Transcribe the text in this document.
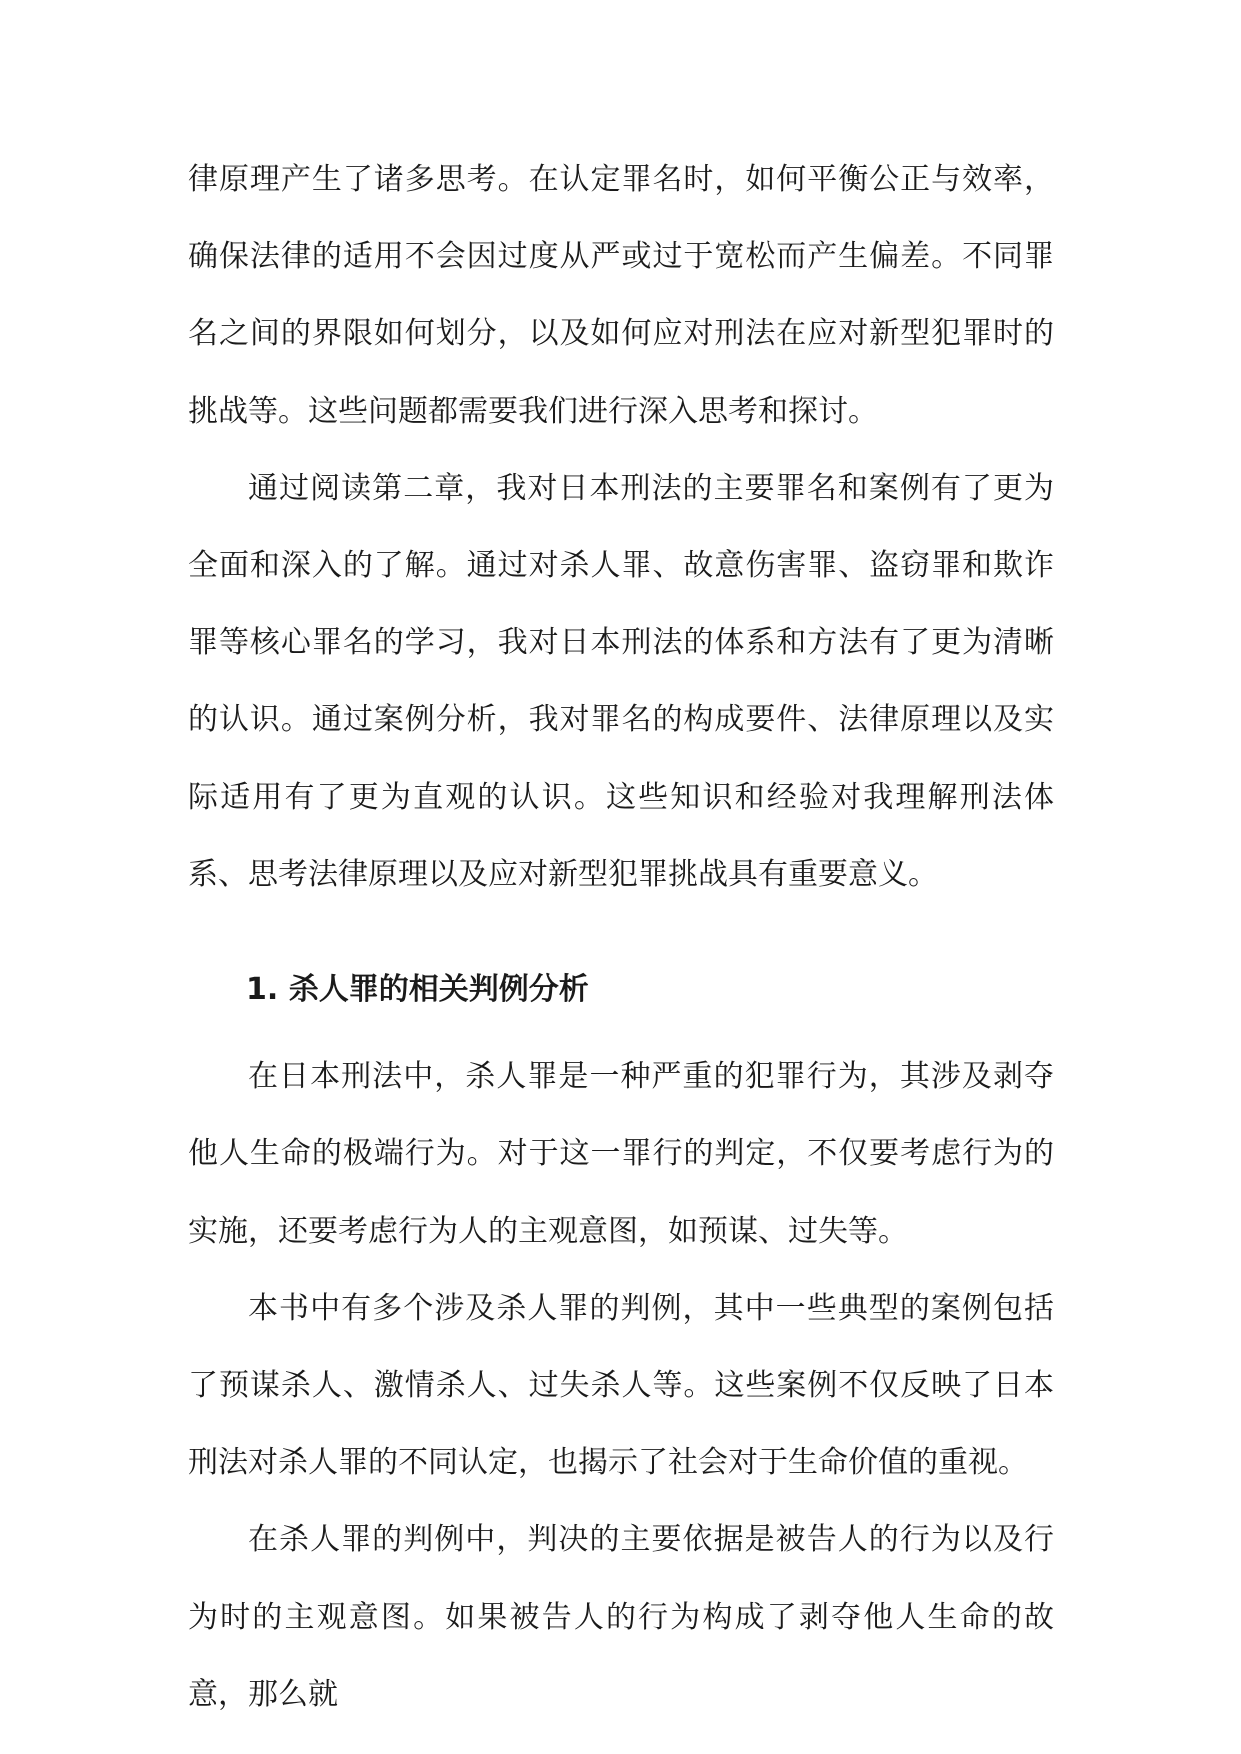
律原理产生了诸多思考。在认定罪名时，如何平衡公正与效率，确保法律的适用不会因过度从严或过于宽松而产生偏差。不同罪名之间的界限如何划分，以及如何应对刑法在应对新型犯罪时的挑战等。这些问题都需要我们进行深入思考和探讨。

通过阅读第二章，我对日本刑法的主要罪名和案例有了更为全面和深入的了解。通过对杀人罪、故意伤害罪、盗窃罪和欺诈罪等核心罪名的学习，我对日本刑法的体系和方法有了更为清晰的认识。通过案例分析，我对罪名的构成要件、法律原理以及实际适用有了更为直观的认识。这些知识和经验对我理解刑法体系、思考法律原理以及应对新型犯罪挑战具有重要意义。

1. 杀人罪的相关判例分析

在日本刑法中，杀人罪是一种严重的犯罪行为，其涉及剥夺他人生命的极端行为。对于这一罪行的判定，不仅要考虑行为的实施，还要考虑行为人的主观意图，如预谋、过失等。

本书中有多个涉及杀人罪的判例，其中一些典型的案例包括了预谋杀人、激情杀人、过失杀人等。这些案例不仅反映了日本刑法对杀人罪的不同认定，也揭示了社会对于生命价值的重视。

在杀人罪的判例中，判决的主要依据是被告人的行为以及行为时的主观意图。如果被告人的行为构成了剥夺他人生命的故意，那么就
